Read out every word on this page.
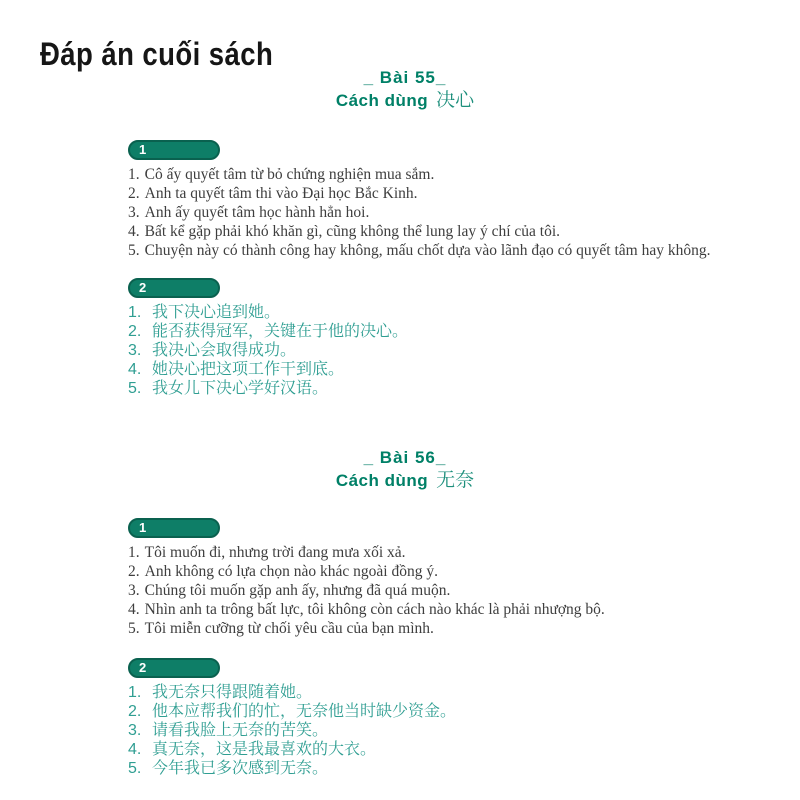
Đáp án cuối sách
_ Bài 55_
Cách dùng 决心
1
1. Cô ấy quyết tâm từ bỏ chứng nghiện mua sắm.
2. Anh ta quyết tâm thi vào Đại học Bắc Kinh.
3. Anh ấy quyết tâm học hành hẳn hoi.
4. Bất kể gặp phải khó khăn gì, cũng không thể lung lay ý chí của tôi.
5. Chuyện này có thành công hay không, mấu chốt dựa vào lãnh đạo có quyết tâm hay không.
2
1. 我下决心追到她。
2. 能否获得冠军，关键在于他的决心。
3. 我决心会取得成功。
4. 她决心把这项工作干到底。
5. 我女儿下决心学好汉语。
_ Bài 56_
Cách dùng 无奈
1
1. Tôi muốn đi, nhưng trời đang mưa xối xả.
2. Anh không có lựa chọn nào khác ngoài đồng ý.
3. Chúng tôi muốn gặp anh ấy, nhưng đã quá muộn.
4. Nhìn anh ta trông bất lực, tôi không còn cách nào khác là phải nhượng bộ.
5. Tôi miễn cưỡng từ chối yêu cầu của bạn mình.
2
1. 我无奈只得跟随着她。
2. 他本应帮我们的忙，无奈他当时缺少资金。
3. 请看我脸上无奈的苦笑。
4. 真无奈，这是我最喜欢的大衣。
5. 今年我已多次感到无奈。
